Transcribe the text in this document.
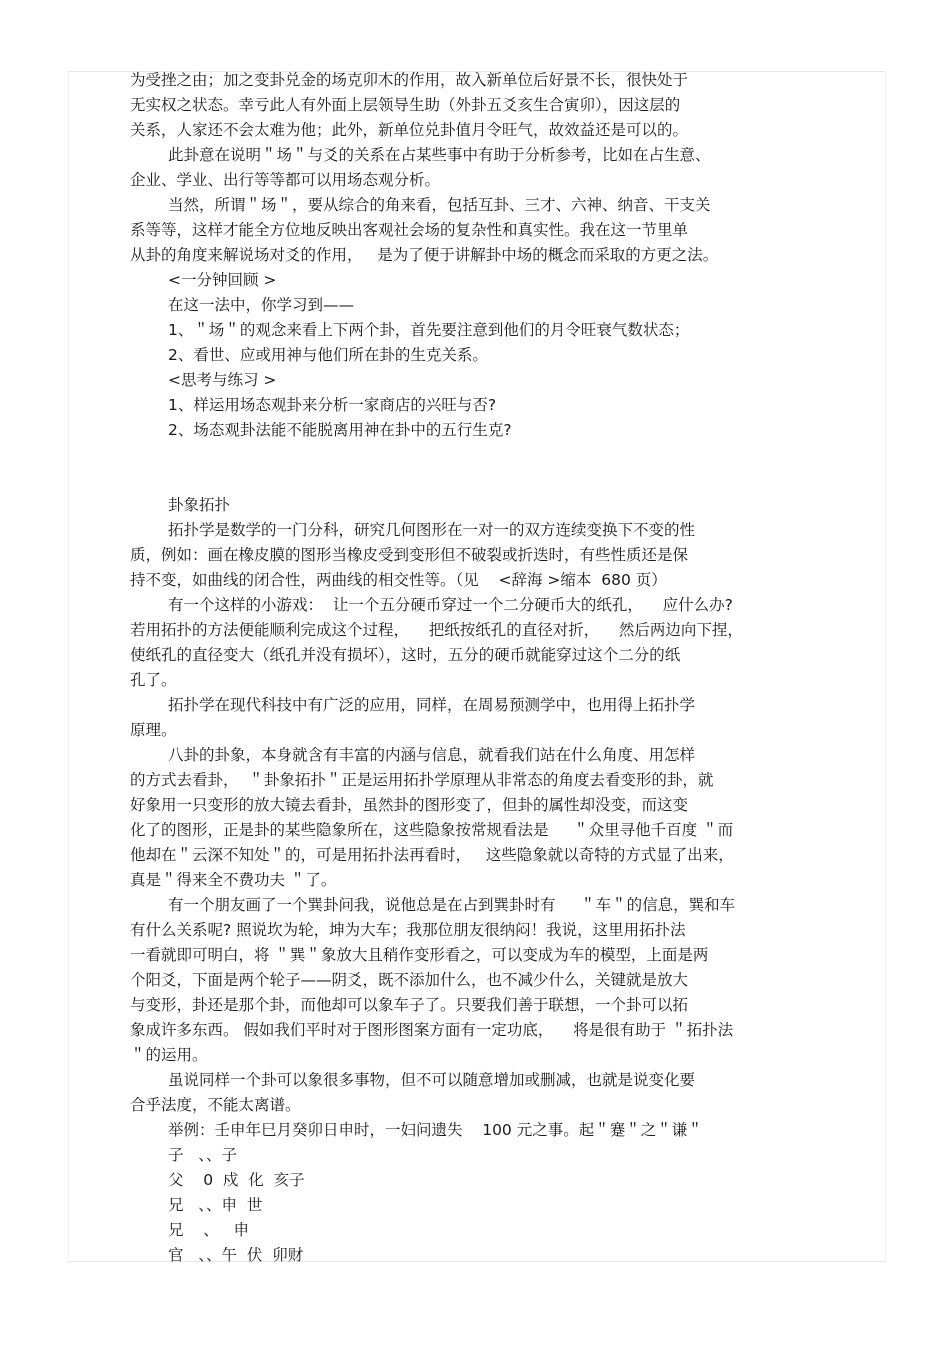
为受挫之由；加之变卦兑金的场克卯木的作用，故入新单位后好景不长，很快处于
无实权之状态。幸亏此人有外面上层领导生助（外卦五爻亥生合寅卯），因这层的
关系，人家还不会太难为他；此外，新单位兑卦值月令旺气，故效益还是可以的。
此卦意在说明＂场＂与爻的关系在占某些事中有助于分析参考，比如在占生意、
企业、学业、出行等等都可以用场态观分析。
当然，所谓＂场＂，要从综合的角来看，包括互卦、三才、六神、纳音、干支关
系等等，这样才能全方位地反映出客观社会场的复杂性和真实性。我在这一节里单
从卦的角度来解说场对爻的作用，   是为了便于讲解卦中场的概念而采取的方更之法。
<一分钟回顾 >
在这一法中，你学习到——
1、＂场＂的观念来看上下两个卦，首先要注意到他们的月令旺衰气数状态；
2、看世、应或用神与他们所在卦的生克关系。
<思考与练习 >
1、样运用场态观卦来分析一家商店的兴旺与否?
2、场态观卦法能不能脱离用神在卦中的五行生克?
卦象拓扑
拓扑学是数学的一门分科，研究几何图形在一对一的双方连续变换下不变的性
质，例如：画在橡皮膜的图形当橡皮受到变形但不破裂或折迭时，有些性质还是保
持不变，如曲线的闭合性，两曲线的相交性等。（见    <辞海 >缩本  680 页）
有一个这样的小游戏：  让一个五分硬币穿过一个二分硬币大的纸孔，    应什么办?
若用拓扑的方法便能顺利完成这个过程，    把纸按纸孔的直径对折，    然后两边向下捏，
使纸孔的直径变大（纸孔并没有损坏），这时，五分的硬币就能穿过这个二分的纸
孔了。
拓扑学在现代科技中有广泛的应用，同样，在周易预测学中，也用得上拓扑学
原理。
八卦的卦象，本身就含有丰富的内涵与信息，就看我们站在什么角度、用怎样
的方式去看卦，  ＂卦象拓扑＂正是运用拓扑学原理从非常态的角度去看变形的卦，就
好象用一只变形的放大镜去看卦，虽然卦的图形变了，但卦的属性却没变，而这变
化了的图形，正是卦的某些隐象所在，这些隐象按常规看法是     ＂众里寻他千百度 ＂而
他却在＂云深不知处＂的，可是用拓扑法再看时，   这些隐象就以奇特的方式显了出来，
真是＂得来全不费功夫 ＂了。
有一个朋友画了一个巽卦问我，说他总是在占到巽卦时有     ＂车＂的信息，巽和车
有什么关系呢? 照说坎为轮，坤为大车；我那位朋友很纳闷！我说，这里用拓扑法
一看就即可明白，将 ＂巽＂象放大且稍作变形看之，可以变成为车的模型，上面是两
个阳爻，下面是两个轮子——阴爻，既不添加什么，也不减少什么，关键就是放大
与变形，卦还是那个卦，而他却可以象车子了。只要我们善于联想，一个卦可以拓
象成许多东西。 假如我们平时对于图形图案方面有一定功底，    将是很有助于 ＂拓扑法
＂的运用。
虽说同样一个卦可以象很多事物，但不可以随意增加或删减，也就是说变化要
合乎法度，不能太离谱。
举例：壬申年巳月癸卯日申时，一妇问遗失    100 元之事。起＂蹇＂之＂谦＂
子   、、子
父    0  戍  化  亥子
兄   、、申  世
兄    、   申
官   、、午  伏  卯财
